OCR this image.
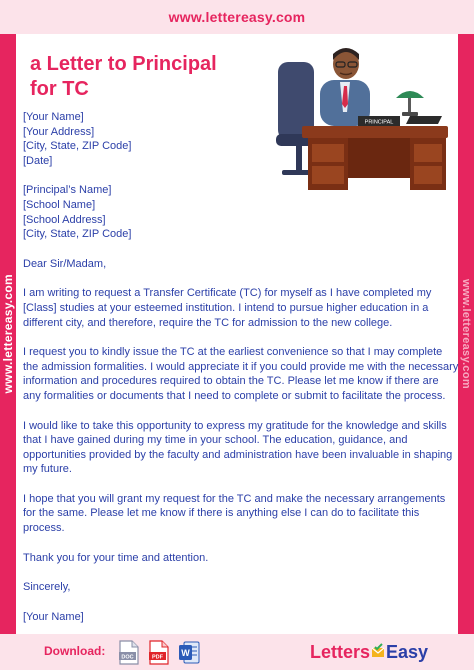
www.lettereasy.com
www.lettereasy.com	www.lettereasy.com
a Letter to Principal
for TC
PRINCIPAL
[Your Name]
[Your Address]
[City, State, ZIP Code]
[Date]
[Principal’s Name]
[School Name]
[School Address]
[City, State, ZIP Code]
Dear Sir/Madam,
I am writing to request a Transfer Certificate (TC) for myself as I have completed my
[Class] studies at your esteemed institution. I intend to pursue higher education in a
different city, and therefore, require the TC for admission to the new college.
I request you to kindly issue the TC at the earliest convenience so that I may complete
the admission formalities. I would appreciate it if you could provide me with the necessary
information and procedures required to obtain the TC. Please let me know if there are
any formalities or documents that I need to complete or submit to facilitate the process.
I would like to take this opportunity to express my gratitude for the knowledge and skills
that I have gained during my time in your school. The education, guidance, and
opportunities provided by the faculty and administration have been invaluable in shaping
my future.
I hope that you will grant my request for the TC and make the necessary arrangements
for the same. Please let me know if there is anything else I can do to facilitate this
process.
Thank you for your time and attention.
Sincerely,
[Your Name]
Download:	DOC	PDF W	Letters Easy
